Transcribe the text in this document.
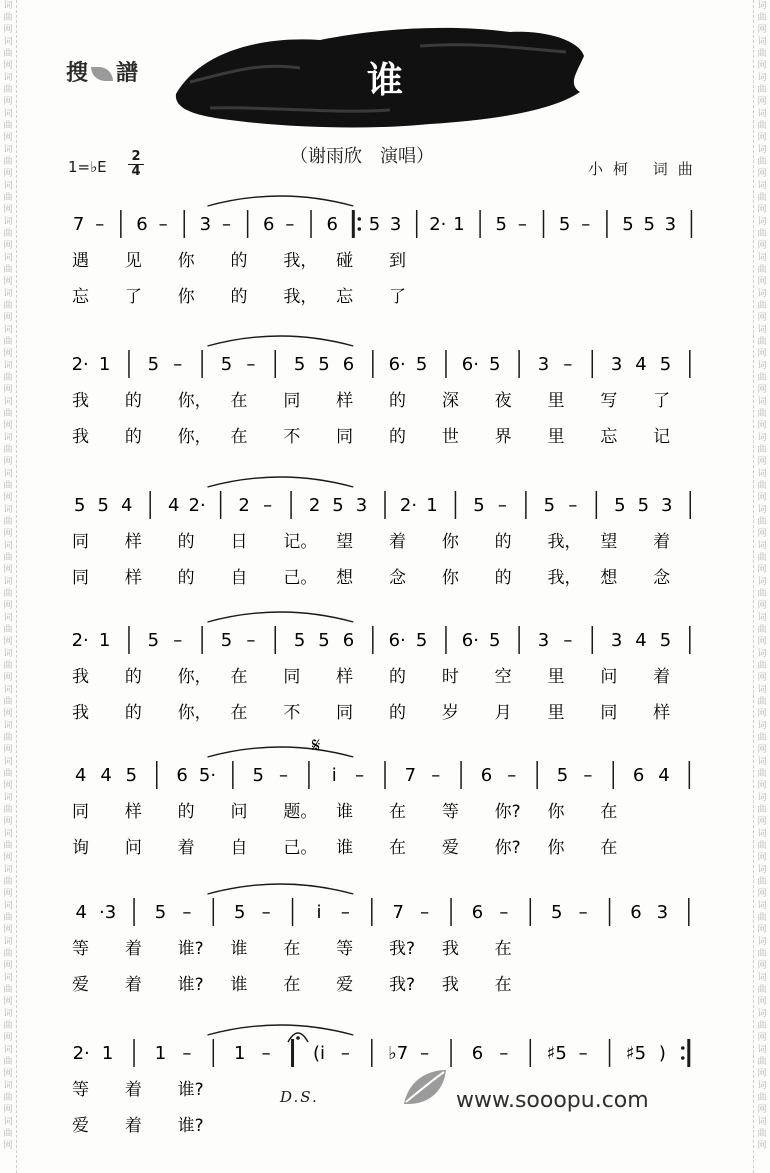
词
曲
网
词
曲
网
词
曲
网
词
曲
网
词
曲
网
词
曲
网
词
曲
网
词
曲
网
词
曲
网
词
曲
网
词
曲
网
词
曲
网
词
曲
网
词
曲
网
词
曲
网
词
曲
网
词
曲
网
词
曲
网
词
曲
网
词
曲
网
词
曲
网
词
曲
网
词
曲
网
词
曲
网
词
曲
网
词
曲
网
词
曲
网
词
曲
网
词
曲
网
词
曲
网
词
曲
网
词
曲
网
词
曲
网
词
曲
网
词
曲
网
词
曲
网
词
曲
网
词
曲
网
词
曲
网
词
曲
网
词
曲
网
词
曲
网
词
曲
网
词
曲
网
词
曲
网
词
曲
网
词
曲
网
词
曲
网
词
曲
网
词
曲
网
词
曲
网
词
曲
网
词
曲
网
词
曲
网
词
曲
网
词
曲
网
词
曲
网
词
曲
网
词
曲
网
词
曲
网
词
曲
网
词
曲
网
词
曲
网
词
曲
网
搜 譜	谁
（谢雨欣　演唱）
1=♭E
2
4	小柯 词曲
7 – 6 – 3 – 6 – 6 5 3 2· 1 5 – 5 – 5 5 3
遇 见 你 的 我， 碰 到
忘 了 你 的 我， 忘 了
2· 1 5 – 5 – 5 5 6 6· 5 6· 5 3 – 3 4 5
我 的 你， 在 同 样 的 深 夜 里 写 了
我 的 你， 在 不 同 的 世 界 里 忘 记
5 5 4 4 2· 2 – 2 5 3 2· 1 5 – 5 – 5 5 3
同 样 的 日 记。 望 着 你 的 我， 望 着
同 样 的 自 己。 想 念 你 的 我， 想 念
2· 1 5 – 5 – 5 5 6 6· 5 6· 5 3 – 3 4 5
我 的 你， 在 同 样 的 时 空 里 问 着
我 的 你， 在 不 同 的 岁 月 里 同 样
4 4 5 6 5· 5 – i – 7 – 6 – 5 – 6 4
同 样 的 问 题。 谁 在 等 你? 你 在
询 问 着 自 己。 谁 在 爱 你? 你 在
4 ·3 5 – 5 –	i – 7 – 6 – 5 – 6 3
等 着 谁? 谁 在 等 我? 我 在
爱 着 谁? 谁 在 爱 我? 我 在
2· 1 1 – 1 – (i – ♭7 – 6 – ♯5 – ♯5 )
等 着 谁?
爱 着 谁?
𝄋
D.S.	www.sooopu.com
